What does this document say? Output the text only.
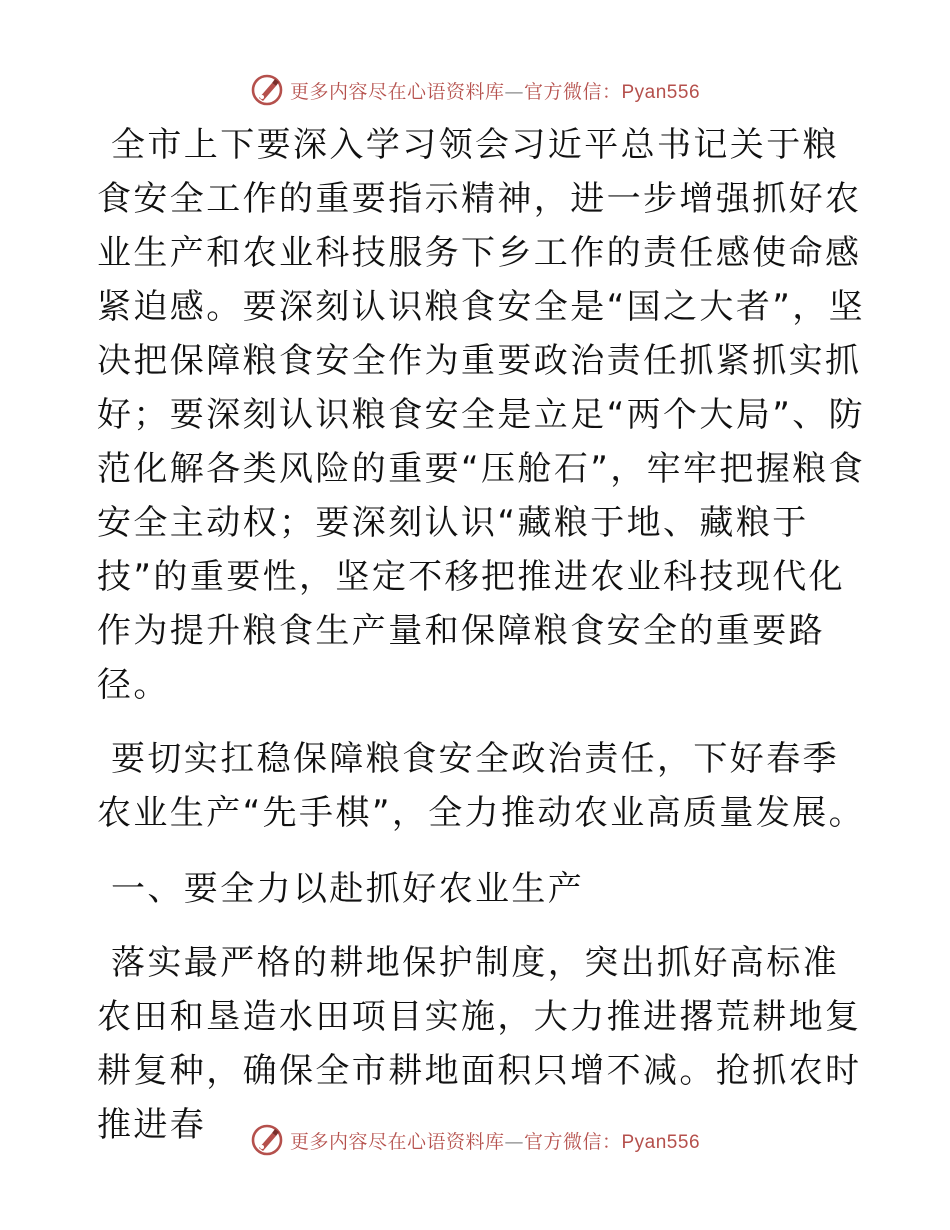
更多内容尽在心语资料库—官方微信：Pyan556

全市上下要深入学习领会习近平总书记关于粮食安全工作的重要指示精神，进一步增强抓好农业生产和农业科技服务下乡工作的责任感使命感紧迫感。要深刻认识粮食安全是“国之大者”，坚决把保障粮食安全作为重要政治责任抓紧抓实抓好；要深刻认识粮食安全是立足“两个大局”、防范化解各类风险的重要“压舱石”，牢牢把握粮食安全主动权；要深刻认识“藏粮于地、藏粮于技”的重要性，坚定不移把推进农业科技现代化作为提升粮食生产量和保障粮食安全的重要路径。

要切实扛稳保障粮食安全政治责任，下好春季农业生产“先手棋”，全力推动农业高质量发展。

一、要全力以赴抓好农业生产

落实最严格的耕地保护制度，突出抓好高标准农田和垦造水田项目实施，大力推进撂荒耕地复耕复种，确保全市耕地面积只增不减。抢抓农时推进春	更多内容尽在心语资料库—官方微信：Pyan556
